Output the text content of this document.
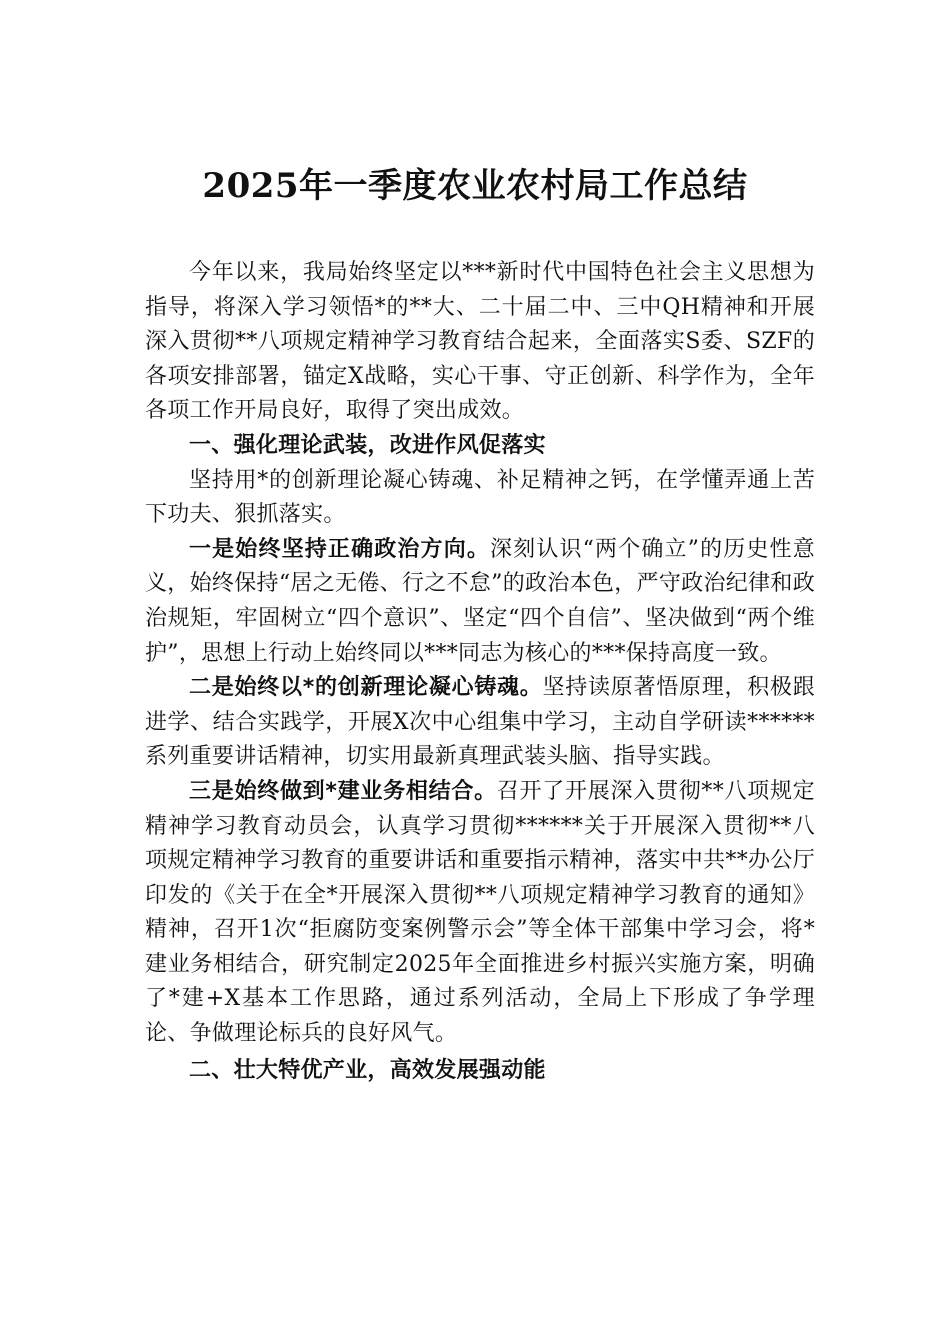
2025年一季度农业农村局工作总结

今年以来，我局始终坚定以***新时代中国特色社会主义思想为指导，将深入学习领悟*的**大、二十届二中、三中QH精神和开展深入贯彻**八项规定精神学习教育结合起来，全面落实S委、SZF的各项安排部署，锚定X战略，实心干事、守正创新、科学作为，全年各项工作开局良好，取得了突出成效。

一、强化理论武装，改进作风促落实

坚持用*的创新理论凝心铸魂、补足精神之钙，在学懂弄通上苦下功夫、狠抓落实。

一是始终坚持正确政治方向。深刻认识“两个确立”的历史性意义，始终保持“居之无倦、行之不怠”的政治本色，严守政治纪律和政治规矩，牢固树立“四个意识”、坚定“四个自信”、坚决做到“两个维护”，思想上行动上始终同以***同志为核心的***保持高度一致。

二是始终以*的创新理论凝心铸魂。坚持读原著悟原理，积极跟进学、结合实践学，开展X次中心组集中学习，主动自学研读******系列重要讲话精神，切实用最新真理武装头脑、指导实践。

三是始终做到*建业务相结合。召开了开展深入贯彻**八项规定精神学习教育动员会，认真学习贯彻******关于开展深入贯彻**八项规定精神学习教育的重要讲话和重要指示精神，落实中共**办公厅印发的《关于在全*开展深入贯彻**八项规定精神学习教育的通知》精神，召开1次“拒腐防变案例警示会”等全体干部集中学习会，将*建业务相结合，研究制定2025年全面推进乡村振兴实施方案，明确了*建+X基本工作思路，通过系列活动，全局上下形成了争学理论、争做理论标兵的良好风气。

二、壮大特优产业，高效发展强动能
